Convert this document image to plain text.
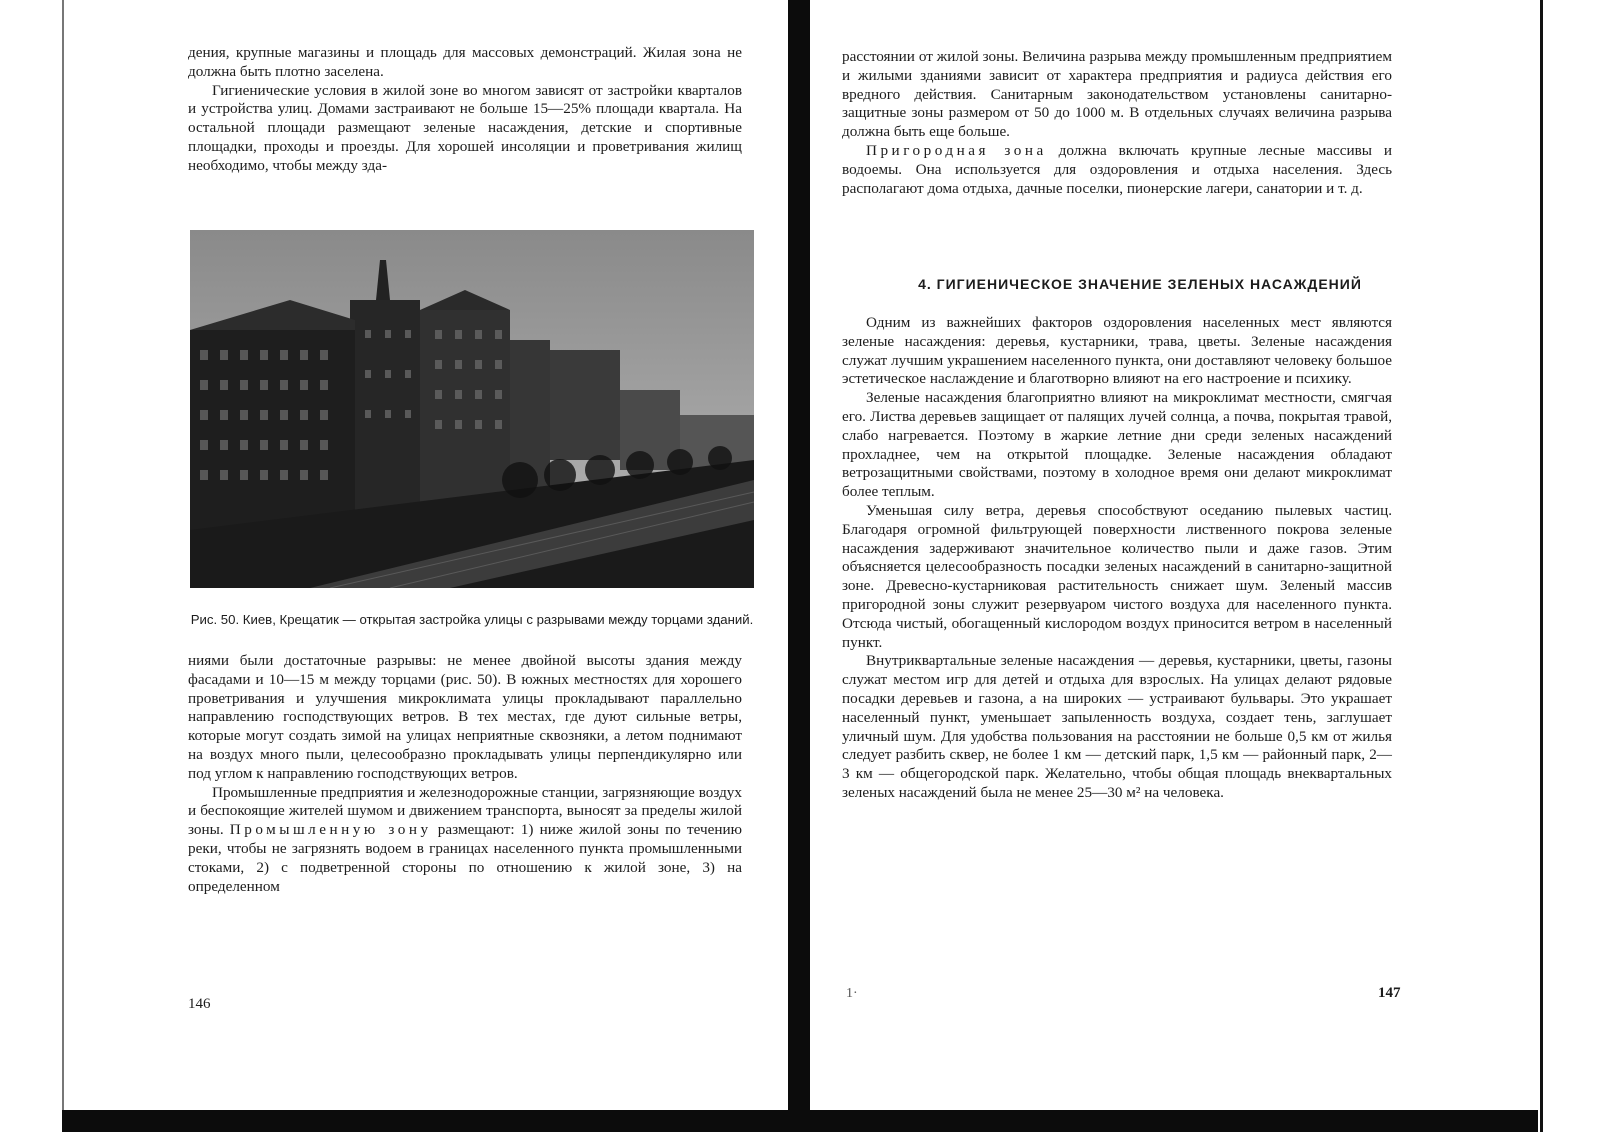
дения, крупные магазины и площадь для массовых демонстраций. Жилая зона не должна быть плотно заселена.

Гигиенические условия в жилой зоне во многом зависят от застройки кварталов и устройства улиц. Домами застраивают не больше 15—25% площади квартала. На остальной площади размещают зеленые насаждения, детские и спортивные площадки, проходы и проезды. Для хорошей инсоляции и проветривания жилищ необходимо, чтобы между зда-

Рис. 50. Киев, Крещатик — открытая застройка улицы с разрывами между торцами зданий.

ниями были достаточные разрывы: не менее двойной высоты здания между фасадами и 10—15 м между торцами (рис. 50). В южных местностях для хорошего проветривания и улучшения микроклимата улицы прокладывают параллельно направлению господствующих ветров. В тех местах, где дуют сильные ветры, которые могут создать зимой на улицах неприятные сквозняки, а летом поднимают на воздух много пыли, целесообразно прокладывать улицы перпендикулярно или под углом к направлению господствующих ветров.

Промышленные предприятия и железнодорожные станции, загрязняющие воздух и беспокоящие жителей шумом и движением транспорта, выносят за пределы жилой зоны. Промышленную зону размещают: 1) ниже жилой зоны по течению реки, чтобы не загрязнять водоем в границах населенного пункта промышленными стоками, 2) с подветренной стороны по отношению к жилой зоне, 3) на определенном

146

расстоянии от жилой зоны. Величина разрыва между промышленным предприятием и жилыми зданиями зависит от характера предприятия и радиуса действия его вредного действия. Санитарным законодательством установлены санитарно-защитные зоны размером от 50 до 1000 м. В отдельных случаях величина разрыва должна быть еще больше.

Пригородная зона должна включать крупные лесные массивы и водоемы. Она используется для оздоровления и отдыха населения. Здесь располагают дома отдыха, дачные поселки, пионерские лагери, санатории и т. д.

4. ГИГИЕНИЧЕСКОЕ ЗНАЧЕНИЕ ЗЕЛЕНЫХ НАСАЖДЕНИЙ

Одним из важнейших факторов оздоровления населенных мест являются зеленые насаждения: деревья, кустарники, трава, цветы. Зеленые насаждения служат лучшим украшением населенного пункта, они доставляют человеку большое эстетическое наслаждение и благотворно влияют на его настроение и психику.

Зеленые насаждения благоприятно влияют на микроклимат местности, смягчая его. Листва деревьев защищает от палящих лучей солнца, а почва, покрытая травой, слабо нагревается. Поэтому в жаркие летние дни среди зеленых насаждений прохладнее, чем на открытой площадке. Зеленые насаждения обладают ветрозащитными свойствами, поэтому в холодное время они делают микроклимат более теплым.

Уменьшая силу ветра, деревья способствуют оседанию пылевых частиц. Благодаря огромной фильтрующей поверхности лиственного покрова зеленые насаждения задерживают значительное количество пыли и даже газов. Этим объясняется целесообразность посадки зеленых насаждений в санитарно-защитной зоне. Древесно-кустарниковая растительность снижает шум. Зеленый массив пригородной зоны служит резервуаром чистого воздуха для населенного пункта. Отсюда чистый, обогащенный кислородом воздух приносится ветром в населенный пункт.

Внутриквартальные зеленые насаждения — деревья, кустарники, цветы, газоны служат местом игр для детей и отдыха для взрослых. На улицах делают рядовые посадки деревьев и газона, а на широких — устраивают бульвары. Это украшает населенный пункт, уменьшает запыленность воздуха, создает тень, заглушает уличный шум. Для удобства пользования на расстоянии не больше 0,5 км от жилья следует разбить сквер, не более 1 км — детский парк, 1,5 км — районный парк, 2—3 км — общегородской парк. Желательно, чтобы общая площадь внеквартальных зеленых насаждений была не менее 25—30 м² на человека.

1·	147
